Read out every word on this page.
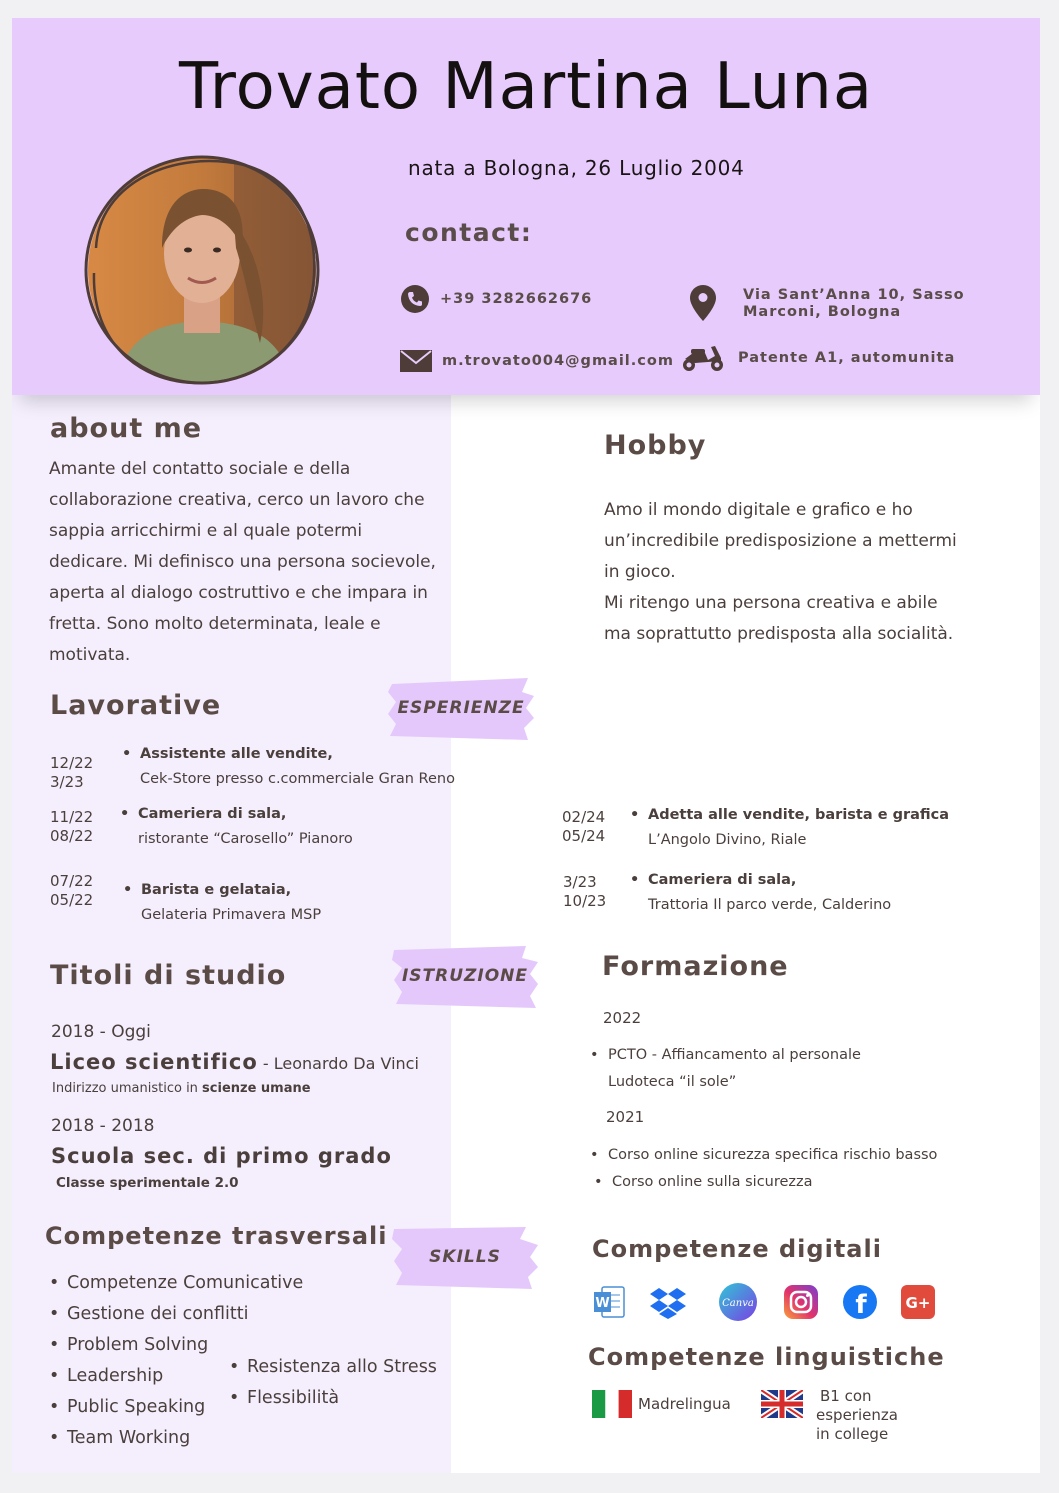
Trovato Martina Luna
nata a Bologna, 26 Luglio 2004
contact:
+39 3282662676
m.trovato004@gmail.com
Via Sant’Anna 10, Sasso
Marconi, Bologna
Patente A1, automunita
about me
Amante del contatto sociale e della
collaborazione creativa, cerco un lavoro che
sappia arricchirmi e al quale potermi
dedicare. Mi definisco una persona socievole,
aperta al dialogo costruttivo e che impara in
fretta. Sono molto determinata, leale e
motivata.
Hobby
Amo il mondo digitale e grafico e ho
un’incredibile predisposizione a mettermi
in gioco.
Mi ritengo una persona creativa e abile
ma soprattutto predisposta alla socialità.
Lavorative	ESPERIENZE
12/22
3/23
• Assistente alle vendite,
Cek-Store presso c.commerciale Gran Reno
11/22
08/22
• Cameriera di sala,
ristorante “Carosello” Pianoro
07/22
05/22
• Barista e gelataia,
Gelateria Primavera MSP
02/24
05/24
• Adetta alle vendite, barista e grafica
L’Angolo Divino, Riale
3/23
10/23
• Cameriera di sala,
Trattoria Il parco verde, Calderino
Titoli di studio	ISTRUZIONE
2018 - Oggi
Liceo scientifico - Leonardo Da Vinci
Indirizzo umanistico in scienze umane
2018 - 2018
Scuola sec. di primo grado
Classe sperimentale 2.0
Formazione
2022
• PCTO - Affiancamento al personale
Ludoteca “il sole”
2021
• Corso online sicurezza specifica rischio basso
• Corso online sulla sicurezza
Competenze trasversali
SKILLS
• Competenze Comunicative
• Gestione dei conflitti
• Problem Solving
• Leadership
• Public Speaking
• Team Working
• Resistenza allo Stress
• Flessibilità
Competenze digitali
W	Canva	f	G+
Competenze linguistiche
Madrelingua	B1 con
esperienza
in college
